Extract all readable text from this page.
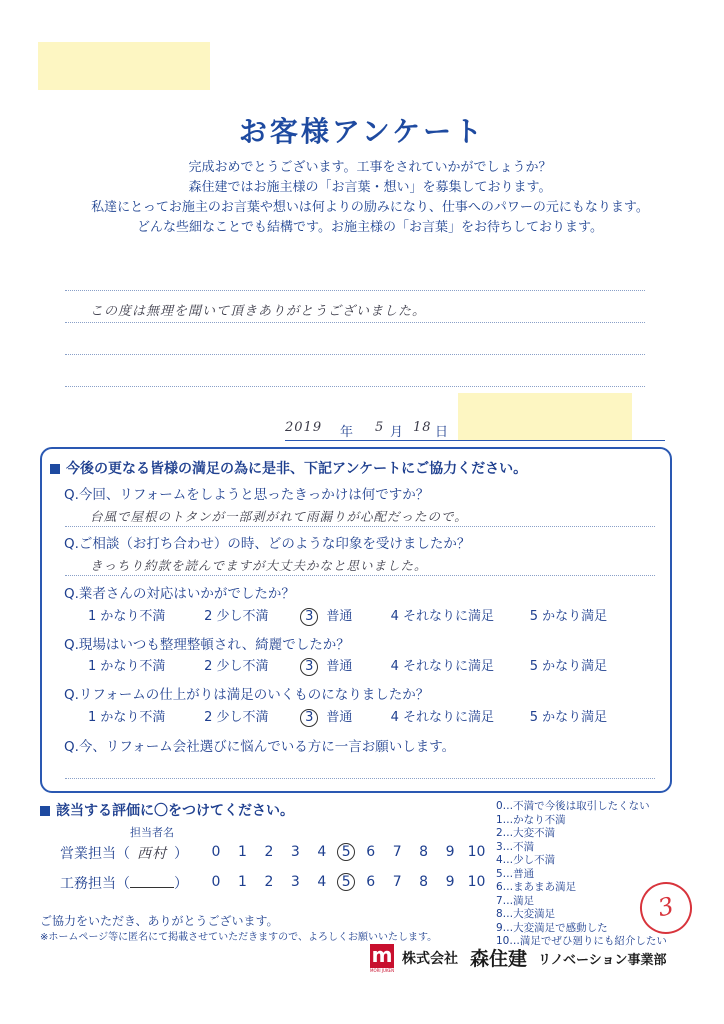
お客様アンケート
完成おめでとうございます。工事をされていかがでしょうか？
森住建ではお施主様の「お言葉・想い」を募集しております。
私達にとってお施主のお言葉や想いは何よりの励みになり、仕事へのパワーの元にもなります。
どんな些細なことでも結構です。お施主様の「お言葉」をお待ちしております。
この度は無理を聞いて頂きありがとうございました。
2019 年 5 月 18 日
今後の更なる皆様の満足の為に是非、下記アンケートにご協力ください。
Q.今回、リフォームをしようと思ったきっかけは何ですか？
台風で屋根のトタンが一部剥がれて雨漏りが心配だったので。
Q.ご相談（お打ち合わせ）の時、どのような印象を受けましたか？
きっちり約款を読んでますが大丈夫かなと思いました。
Q.業者さんの対応はいかがでしたか？
1 かなり不満	2 少し不満	3 普通	4 それなりに満足	5 かなり満足
Q.現場はいつも整理整頓され、綺麗でしたか？
1 かなり不満	2 少し不満	3 普通	4 それなりに満足	5 かなり満足
Q.リフォームの仕上がりは満足のいくものになりましたか？
1 かなり不満	2 少し不満	3 普通	4 それなりに満足	5 かなり満足
Q.今、リフォーム会社選びに悩んでいる方に一言お願いします。
該当する評価に〇をつけてください。
担当者名
営業担当（ 西村 ）	0 1 2 3 4 5 6 7 8 9 10
工務担当（	）	0 1 2 3 4 5 6 7 8 9 10
0…不満で今後は取引したくない
1…かなり不満
2…大変不満
3…不満
4…少し不満
5…普通
6…まあまあ満足
7…満足
8…大変満足
9…大変満足で感動した
10…満足でぜひ廻りにも紹介したい
3
ご協力をいただき、ありがとうございます。
※ホームページ等に匿名にて掲載させていただきますので、よろしくお願いいたします。
m
MORI JUKEN
株式会社 森住建 リノベーション事業部
